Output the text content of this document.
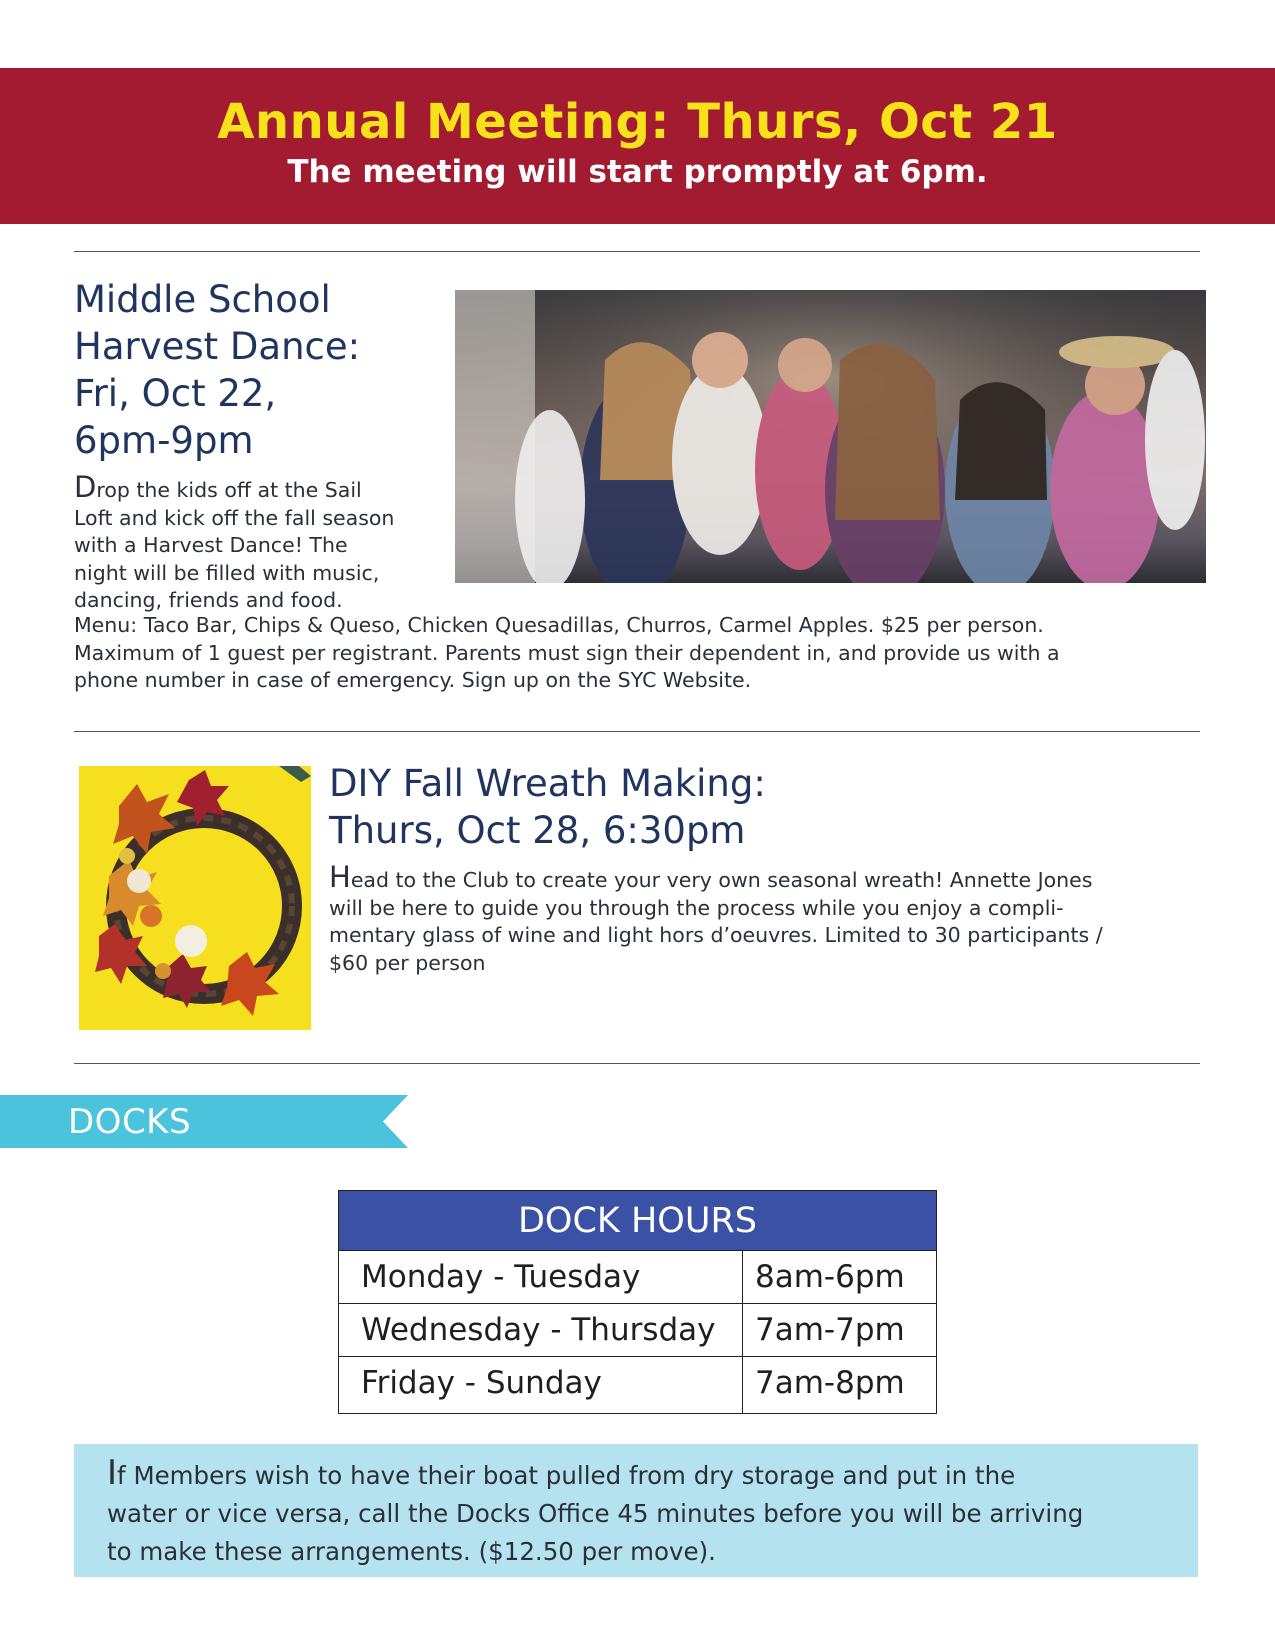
Annual Meeting: Thurs, Oct 21
The meeting will start promptly at 6pm.
Middle School
Harvest Dance:
Fri, Oct 22,
6pm-9pm
Drop the kids off at the Sail
Loft and kick off the fall season
with a Harvest Dance! The
night will be filled with music,
dancing, friends and food.
Menu: Taco Bar, Chips & Queso, Chicken Quesadillas, Churros, Carmel Apples. $25 per person.
Maximum of 1 guest per registrant. Parents must sign their dependent in, and provide us with a
phone number in case of emergency. Sign up on the SYC Website.
DIY Fall Wreath Making:
Thurs, Oct 28, 6:30pm
Head to the Club to create your very own seasonal wreath! Annette Jones
will be here to guide you through the process while you enjoy a compli-
mentary glass of wine and light hors d’oeuvres. Limited to 30 participants /
$60 per person
DOCKS
DOCK HOURS
Monday - Tuesday	8am-6pm
Wednesday - Thursday	7am-7pm
Friday - Sunday	7am-8pm
If Members wish to have their boat pulled from dry storage and put in the
water or vice versa, call the Docks Office 45 minutes before you will be arriving
to make these arrangements. ($12.50 per move).
